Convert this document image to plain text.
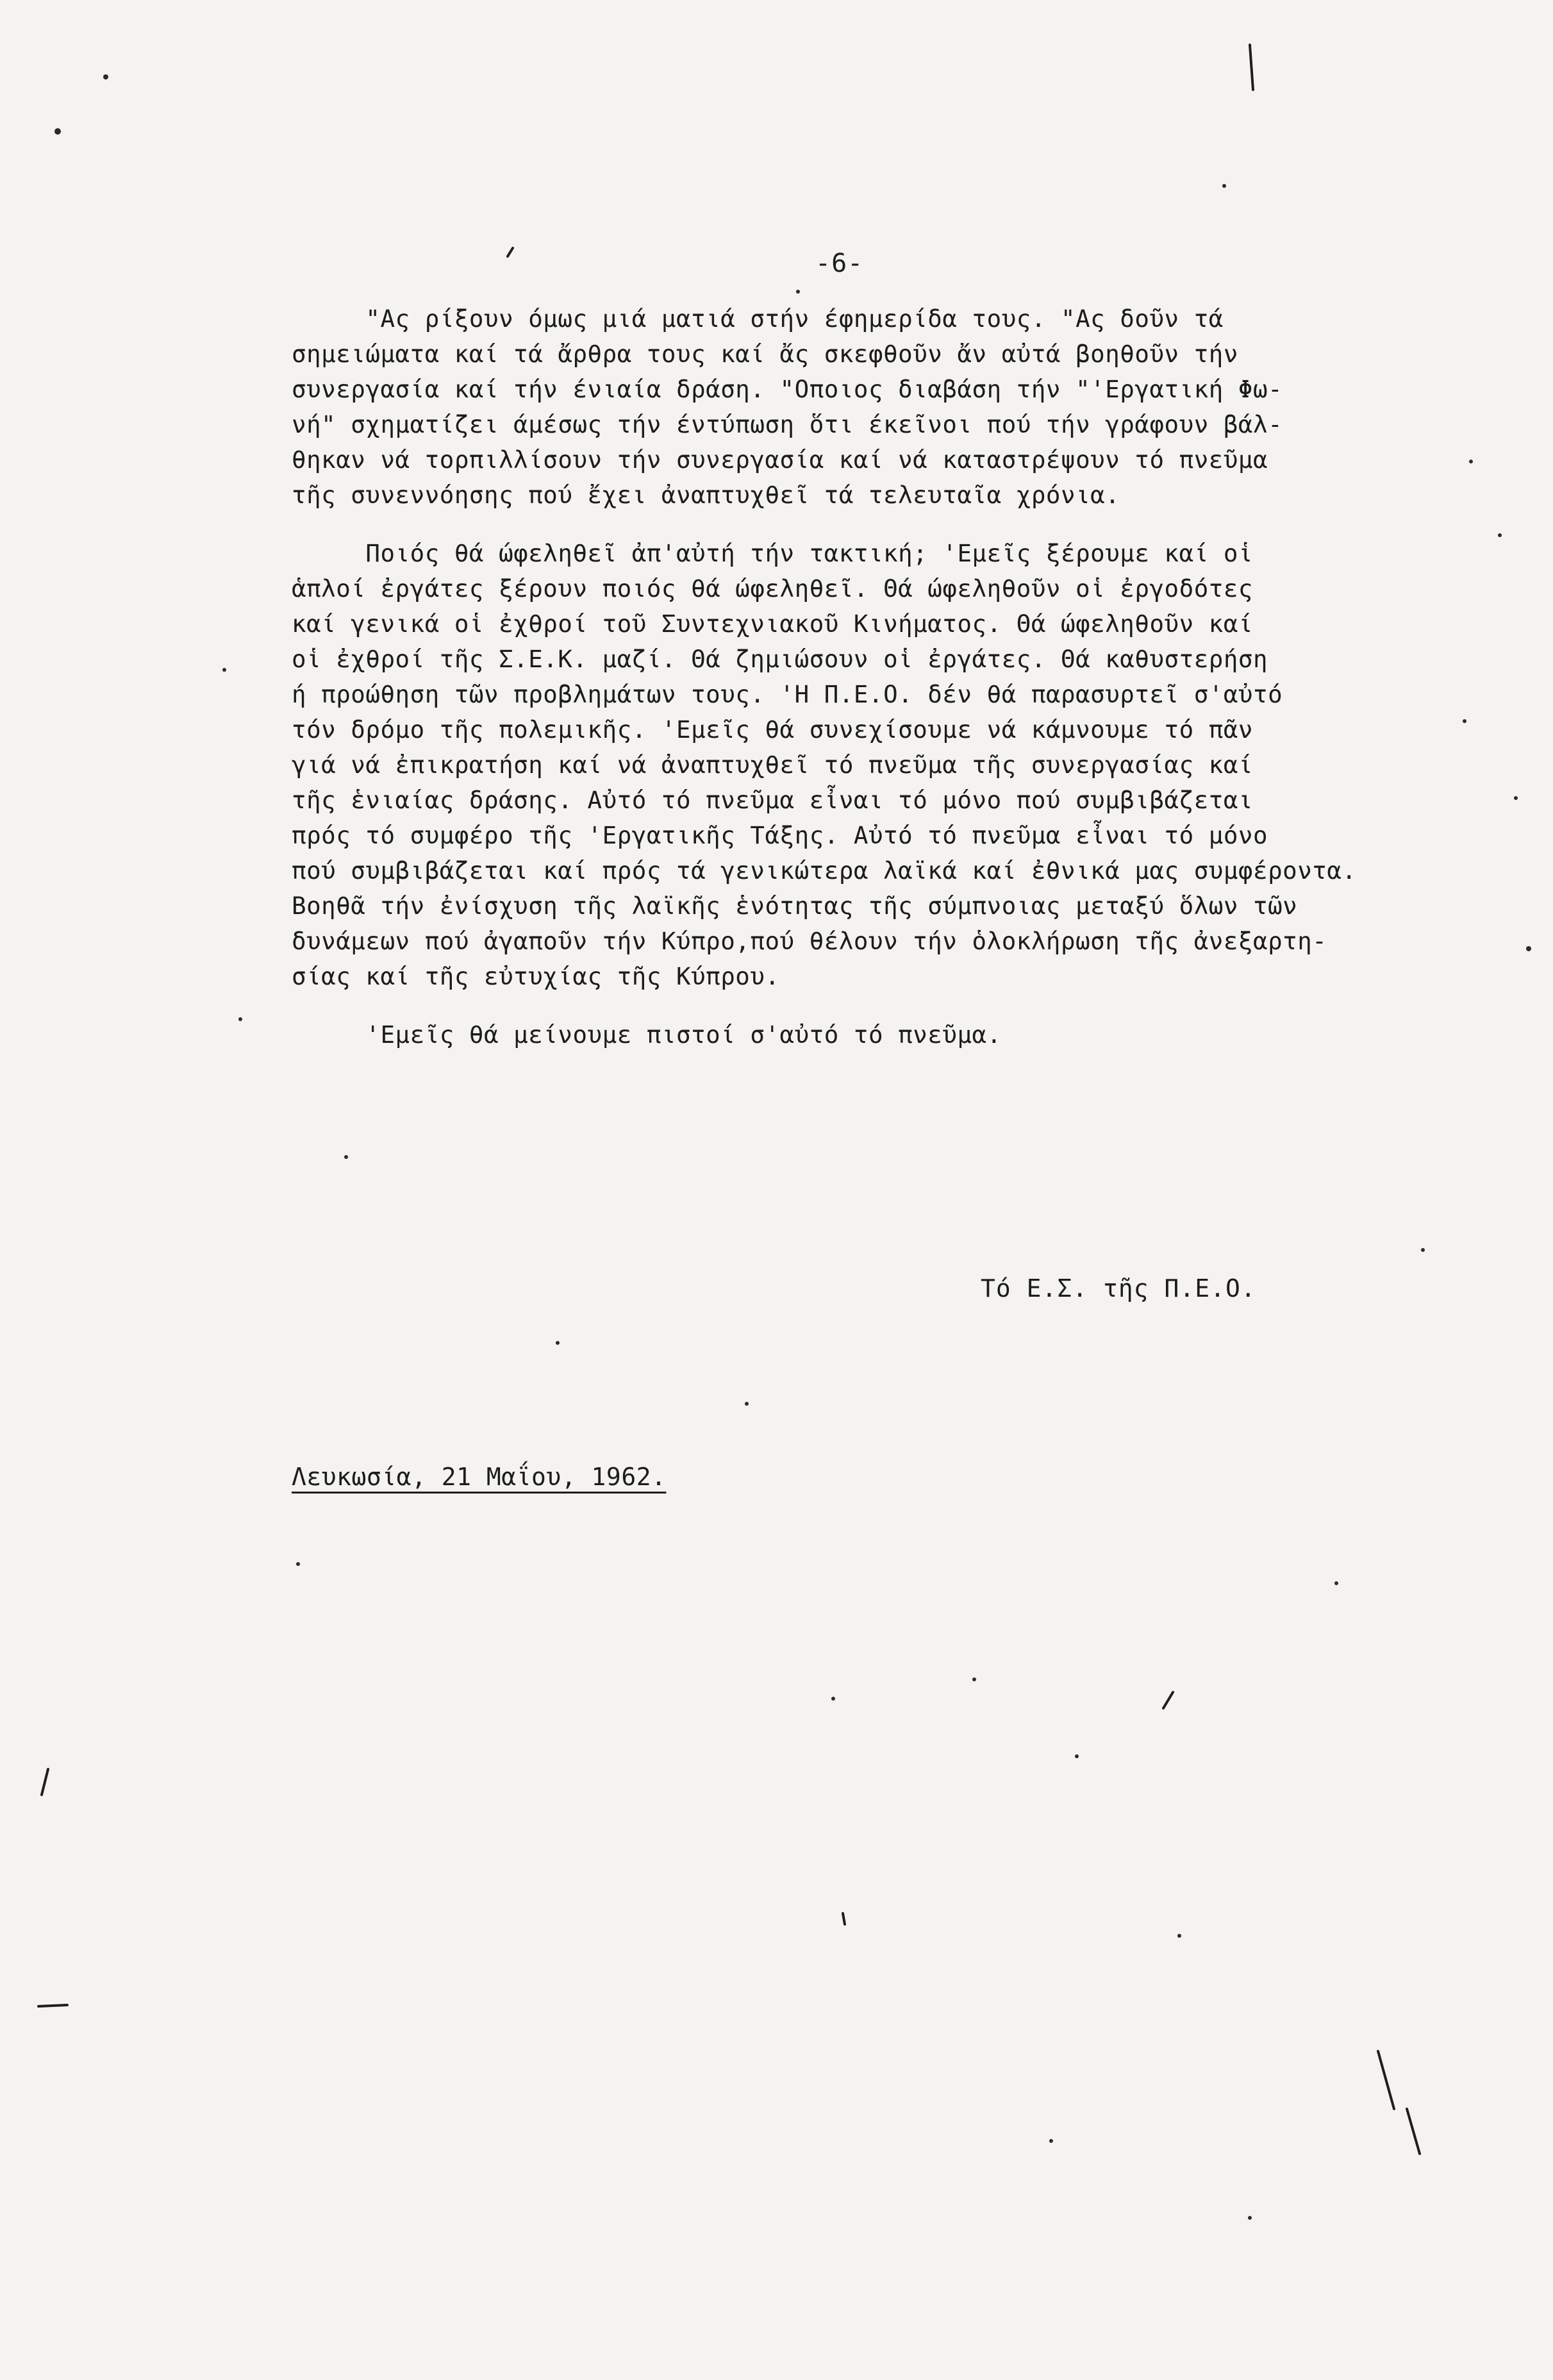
-6-
"Ας ρίξουν όμως μιά ματιά στήν έφημερίδα τους. "Ας δοῦν τά
σημειώματα καί τά ἄρθρα τους καί ἄς σκεφθοῦν ἄν αὐτά βοηθοῦν τήν
συνεργασία καί τήν ένιαία δράση. "Οποιος διαβάση τήν "'Εργατική Φω-
νή" σχηματίζει άμέσως τήν έντύπωση ὅτι έκεῖνοι πού τήν γράφουν βάλ-
θηκαν νά τορπιλλίσουν τήν συνεργασία καί νά καταστρέψουν τό πνεῦμα
τῆς συνεννόησης πού ἔχει ἀναπτυχθεῖ τά τελευταῖα χρόνια.
Ποιός θά ώφεληθεῖ ἀπ'αὐτή τήν τακτική; 'Εμεῖς ξέρουμε καί οἱ
ἁπλοί ἐργάτες ξέρουν ποιός θά ώφεληθεῖ. Θά ώφεληθοῦν οἱ ἐργοδότες
καί γενικά οἱ ἐχθροί τοῦ Συντεχνιακοῦ Κινήματος. Θά ώφεληθοῦν καί
οἱ ἐχθροί τῆς Σ.Ε.Κ. μαζί. Θά ζημιώσουν οἱ ἐργάτες. Θά καθυστερήση
ή προώθηση τῶν προβλημάτων τους. 'Η Π.Ε.Ο. δέν θά παρασυρτεῖ σ'αὐτό
τόν δρόμο τῆς πολεμικῆς. 'Εμεῖς θά συνεχίσουμε νά κάμνουμε τό πᾶν
γιά νά ἐπικρατήση καί νά ἀναπτυχθεῖ τό πνεῦμα τῆς συνεργασίας καί
τῆς ἑνιαίας δράσης. Αὐτό τό πνεῦμα εἶναι τό μόνο πού συμβιβάζεται
πρός τό συμφέρο τῆς 'Εργατικῆς Τάξης. Αὐτό τό πνεῦμα εἶναι τό μόνο
πού συμβιβάζεται καί πρός τά γενικώτερα λαϊκά καί ἐθνικά μας συμφέροντα.
Βοηθᾶ τήν ἐνίσχυση τῆς λαϊκῆς ἑνότητας τῆς σύμπνοιας μεταξύ ὅλων τῶν
δυνάμεων πού ἀγαποῦν τήν Κύπρο,πού θέλουν τήν ὁλοκλήρωση τῆς ἀνεξαρτη-
σίας καί τῆς εὐτυχίας τῆς Κύπρου.
'Εμεῖς θά μείνουμε πιστοί σ'αὐτό τό πνεῦμα.
Τό Ε.Σ. τῆς Π.Ε.Ο.
Λευκωσία, 21 Μαΐου, 1962.
